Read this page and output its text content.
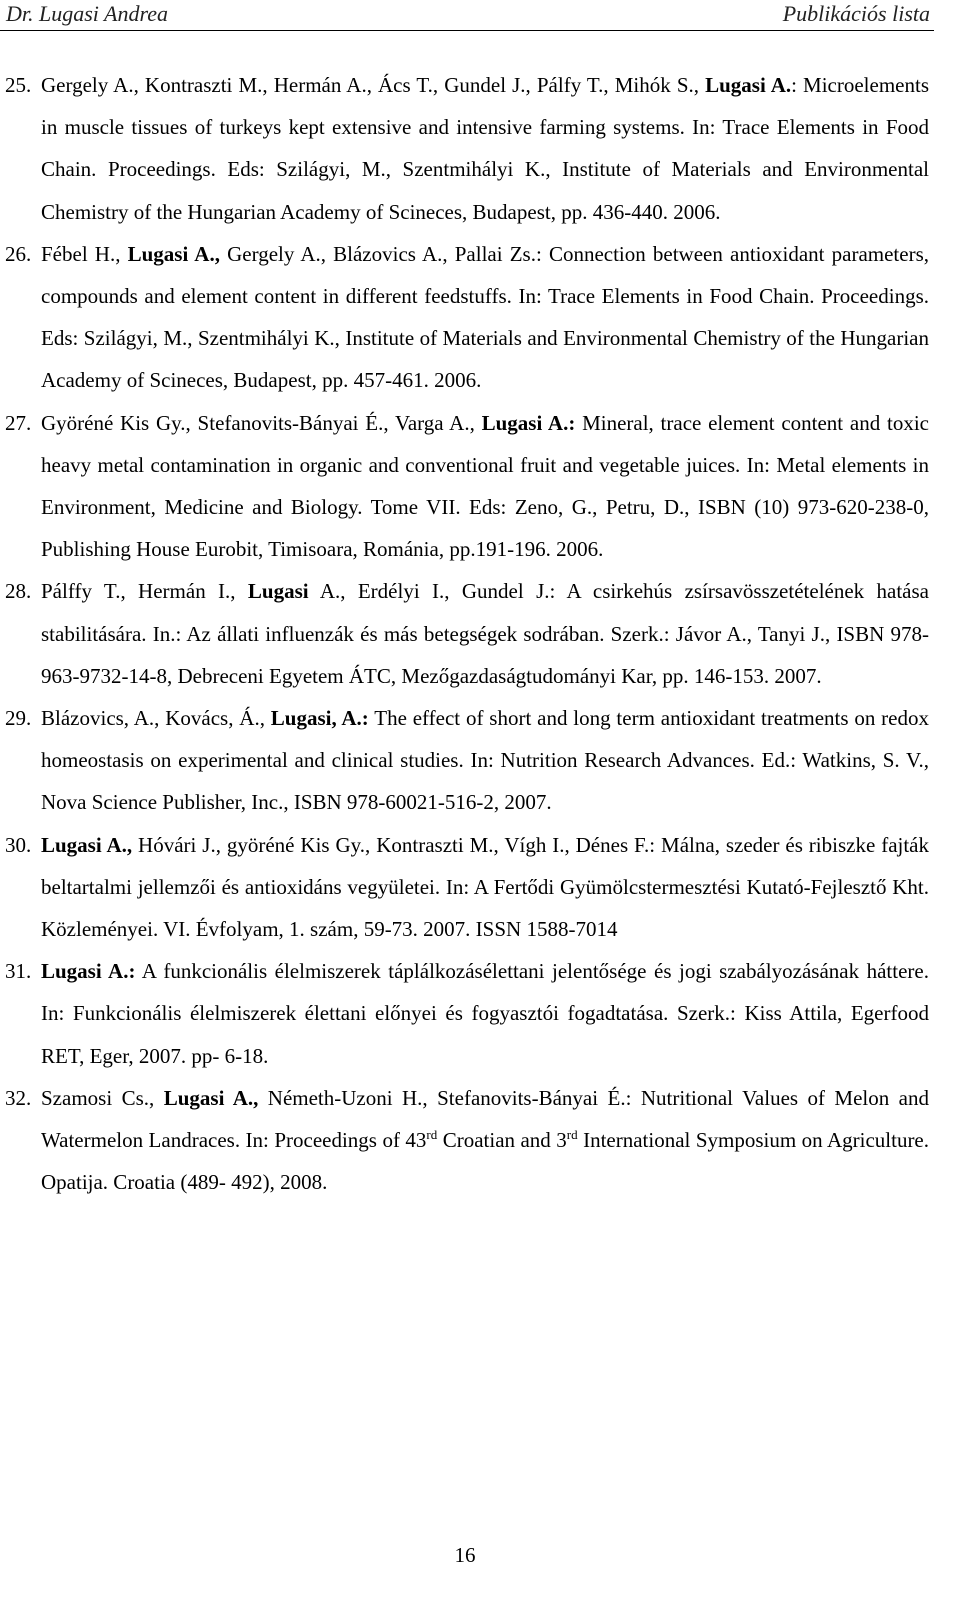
Dr. Lugasi Andrea	Publikációs lista
25. Gergely A., Kontraszti M., Hermán A., Ács T., Gundel J., Pálfy T., Mihók S., Lugasi A.: Microelements in muscle tissues of turkeys kept extensive and intensive farming systems. In: Trace Elements in Food Chain. Proceedings. Eds: Szilágyi, M., Szentmihályi K., Institute of Materials and Environmental Chemistry of the Hungarian Academy of Scineces, Budapest, pp. 436-440. 2006.
26. Fébel H., Lugasi A., Gergely A., Blázovics A., Pallai Zs.: Connection between antioxidant parameters, compounds and element content in different feedstuffs. In: Trace Elements in Food Chain. Proceedings. Eds: Szilágyi, M., Szentmihályi K., Institute of Materials and Environmental Chemistry of the Hungarian Academy of Scineces, Budapest, pp. 457-461. 2006.
27. Györéné Kis Gy., Stefanovits-Bányai É., Varga A., Lugasi A.: Mineral, trace element content and toxic heavy metal contamination in organic and conventional fruit and vegetable juices. In: Metal elements in Environment, Medicine and Biology. Tome VII. Eds: Zeno, G., Petru, D., ISBN (10) 973-620-238-0, Publishing House Eurobit, Timisoara, Románia, pp.191-196. 2006.
28. Pálffy T., Hermán I., Lugasi A., Erdélyi I., Gundel J.: A csirkehús zsírsavösszetételének hatása stabilitására. In.: Az állati influenzák és más betegségek sodrában. Szerk.: Jávor A., Tanyi J., ISBN 978-963-9732-14-8, Debreceni Egyetem ÁTC, Mezőgazdaságtudományi Kar, pp. 146-153. 2007.
29. Blázovics, A., Kovács, Á., Lugasi, A.: The effect of short and long term antioxidant treatments on redox homeostasis on experimental and clinical studies. In: Nutrition Research Advances. Ed.: Watkins, S. V., Nova Science Publisher, Inc., ISBN 978-60021-516-2, 2007.
30. Lugasi A., Hóvári J., györéné Kis Gy., Kontraszti M., Vígh I., Dénes F.: Málna, szeder és ribiszke fajták beltartalmi jellemzői és antioxidáns vegyületei. In: A Fertődi Gyümölcstermesztési Kutató-Fejlesztő Kht. Közleményei. VI. Évfolyam, 1. szám, 59-73. 2007. ISSN 1588-7014
31. Lugasi A.: A funkcionális élelmiszerek táplálkozásélettani jelentősége és jogi szabályozásának háttere. In: Funkcionális élelmiszerek élettani előnyei és fogyasztói fogadtatása. Szerk.: Kiss Attila, Egerfood RET, Eger, 2007. pp- 6-18.
32. Szamosi Cs., Lugasi A., Németh-Uzoni H., Stefanovits-Bányai É.: Nutritional Values of Melon and Watermelon Landraces. In: Proceedings of 43rd Croatian and 3rd International Symposium on Agriculture. Opatija. Croatia (489- 492), 2008.
16
